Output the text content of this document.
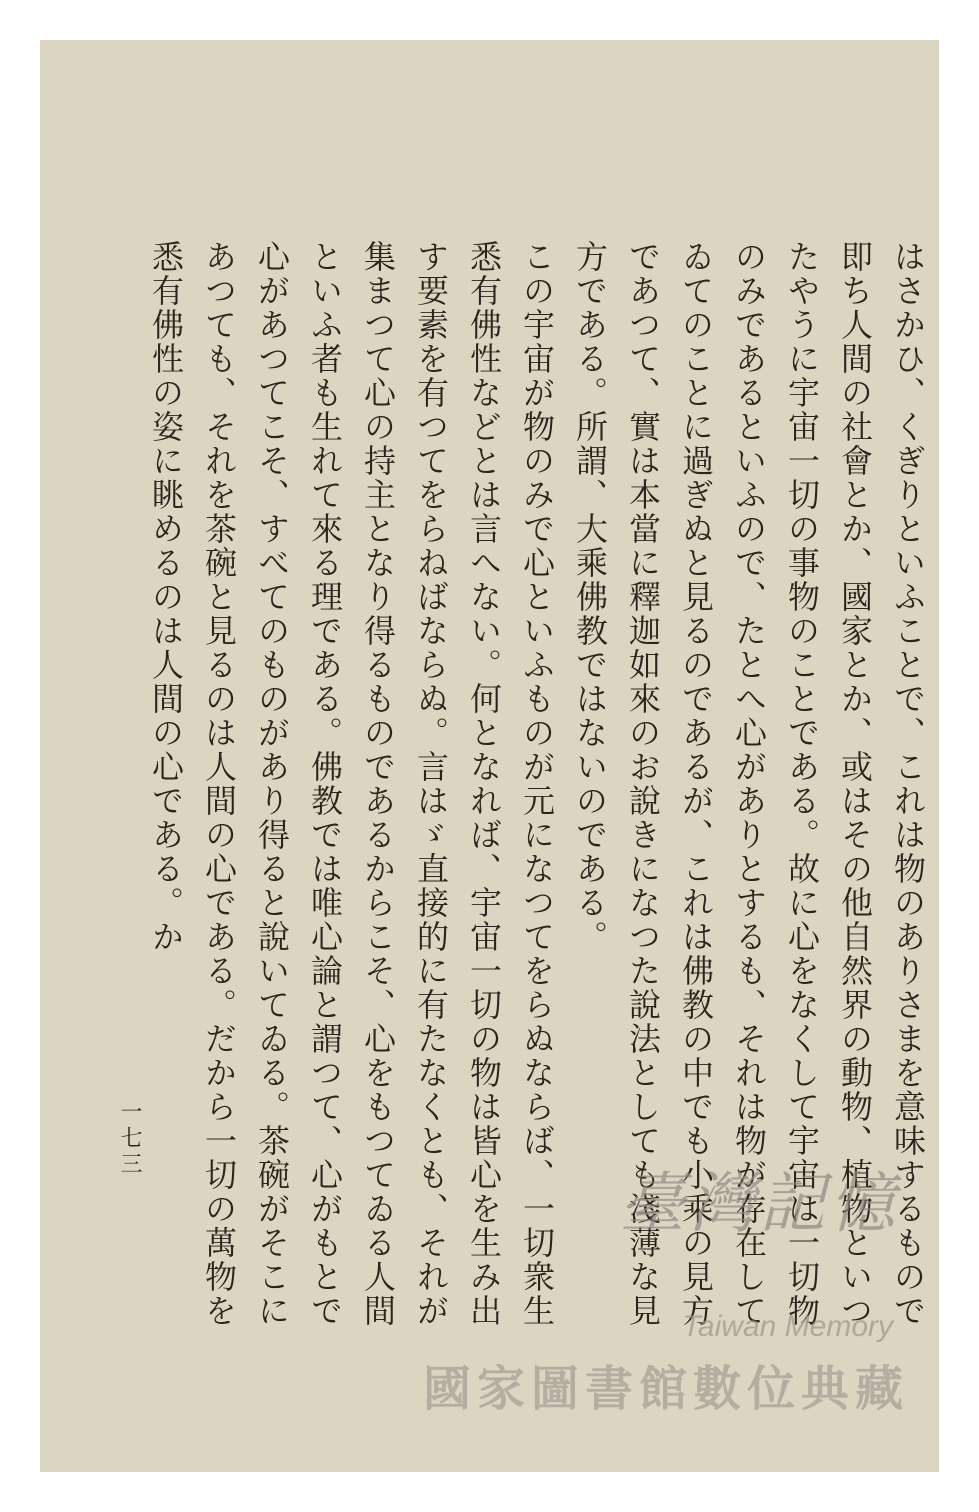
はさかひ、くぎりといふことで、これは物のありさまを意味するもので即ち人間の社會とか、國家とか、或はその他自然界の動物、植物といつたやうに宇宙一切の事物のことである。故に心をなくして宇宙は一切物のみであるといふので、たとへ心がありとするも、それは物が存在してゐてのことに過ぎぬと見るのであるが、これは佛教の中でも小乘の見方であつて、實は本當に釋迦如來のお說きになつた說法としても淺薄な見方である。所謂、大乘佛教ではないのである。

この宇宙が物のみで心といふものが元になつてをらぬならば、一切衆生悉有佛性などとは言へない。何となれば、宇宙一切の物は皆心を生み出す要素を有つてをらねばならぬ。言はゞ直接的に有たなくとも、それが集まつて心の持主となり得るものであるからこそ、心をもつてゐる人間といふ者も生れて來る理である。佛教では唯心論と謂つて、心がもとで心があつてこそ、すべてのものがあり得ると說いてゐる。茶碗がそこにあつても、それを茶碗と見るのは人間の心である。だから一切の萬物を悉有佛性の姿に眺めるのは人間の心である。か

一七三
臺灣記憶
Taiwan Memory
國家圖書館數位典藏
